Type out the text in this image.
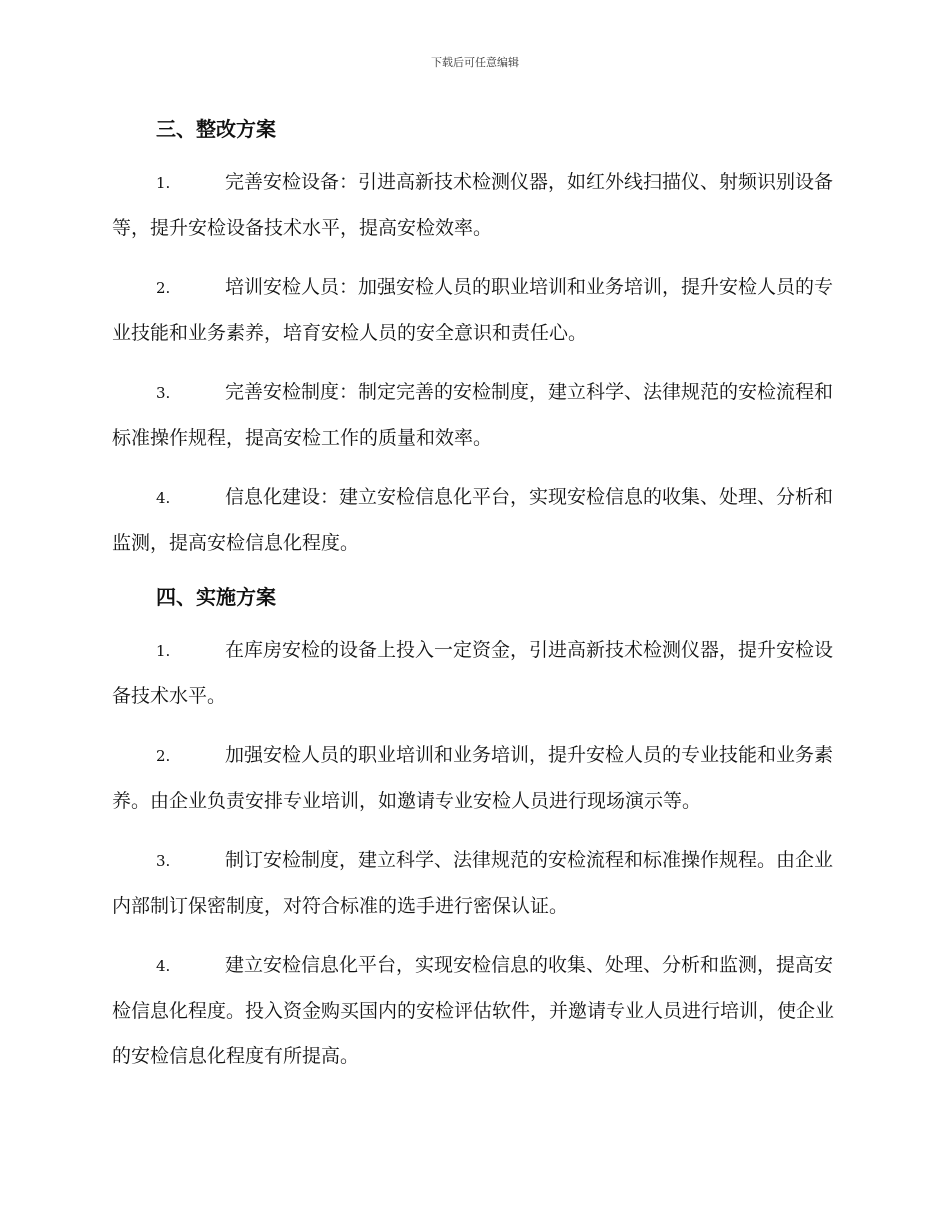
下载后可任意编辑
三、整改方案
1.	完善安检设备：引进高新技术检测仪器，如红外线扫描仪、射频识别设备等，提升安检设备技术水平，提高安检效率。
2.	培训安检人员：加强安检人员的职业培训和业务培训，提升安检人员的专业技能和业务素养，培育安检人员的安全意识和责任心。
3.	完善安检制度：制定完善的安检制度，建立科学、法律规范的安检流程和标准操作规程，提高安检工作的质量和效率。
4.	信息化建设：建立安检信息化平台，实现安检信息的收集、处理、分析和监测，提高安检信息化程度。
四、实施方案
1.	在库房安检的设备上投入一定资金，引进高新技术检测仪器，提升安检设备技术水平。
2.	加强安检人员的职业培训和业务培训，提升安检人员的专业技能和业务素养。由企业负责安排专业培训，如邀请专业安检人员进行现场演示等。
3.	制订安检制度，建立科学、法律规范的安检流程和标准操作规程。由企业内部制订保密制度，对符合标准的选手进行密保认证。
4.	建立安检信息化平台，实现安检信息的收集、处理、分析和监测，提高安检信息化程度。投入资金购买国内的安检评估软件，并邀请专业人员进行培训，使企业的安检信息化程度有所提高。
